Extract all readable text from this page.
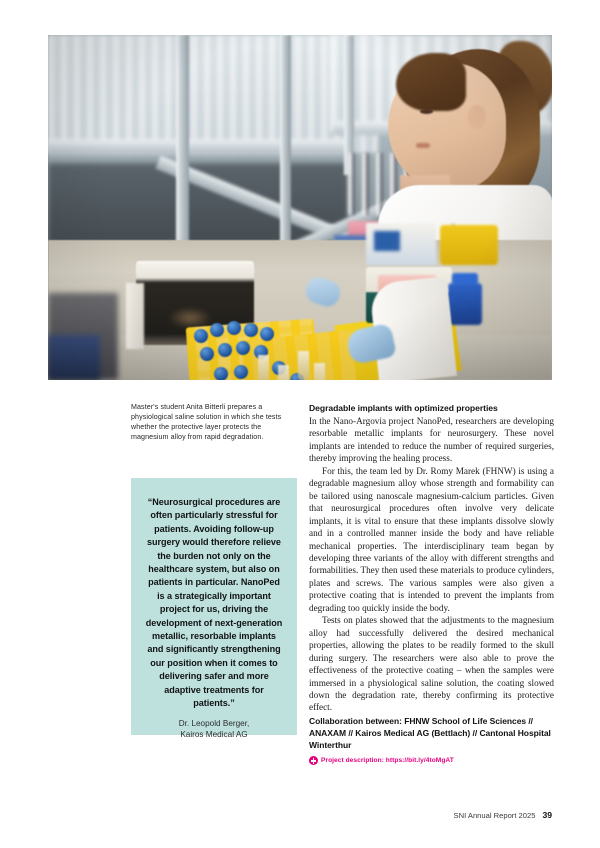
Master's student Anita Bitterli prepares a physiological saline solution in which she tests whether the protective layer protects the magnesium alloy from rapid degradation.

“Neurosurgical procedures are often particularly stressful for patients. Avoiding follow-up surgery would therefore relieve the burden not only on the healthcare system, but also on patients in particular. NanoPed is a strategically important project for us, driving the development of next-generation metallic, resorbable implants and significantly strengthening our position when it comes to delivering safer and more adaptive treatments for patients.”

Dr. Leopold Berger,
Kairos Medical AG
Degradable implants with optimized properties

In the Nano-Argovia project NanoPed, researchers are developing resorbable metallic implants for neurosurgery. These novel implants are intended to reduce the number of required surgeries, thereby improving the healing process.

For this, the team led by Dr. Romy Marek (FHNW) is using a degradable magnesium alloy whose strength and formability can be tailored using nanoscale magnesium-calcium particles. Given that neurosurgical procedures often involve very delicate implants, it is vital to ensure that these implants dissolve slowly and in a controlled manner inside the body and have reliable mechanical properties. The interdisciplinary team began by developing three variants of the alloy with different strengths and formabilities. They then used these materials to produce cylinders, plates and screws. The various samples were also given a protective coating that is intended to prevent the implants from degrading too quickly inside the body.

Tests on plates showed that the adjustments to the magnesium alloy had successfully delivered the desired mechanical properties, allowing the plates to be readily formed to the skull during surgery. The researchers were also able to prove the effectiveness of the protective coating – when the samples were immersed in a physiological saline solution, the coating slowed down the degradation rate, thereby confirming its protective effect.

Collaboration between: FHNW School of Life Sciences // ANAXAM // Kairos Medical AG (Bettlach) // Cantonal Hospital Winterthur
Project description: https://bit.ly/4toMgAT
SNI Annual Report 2025 39
